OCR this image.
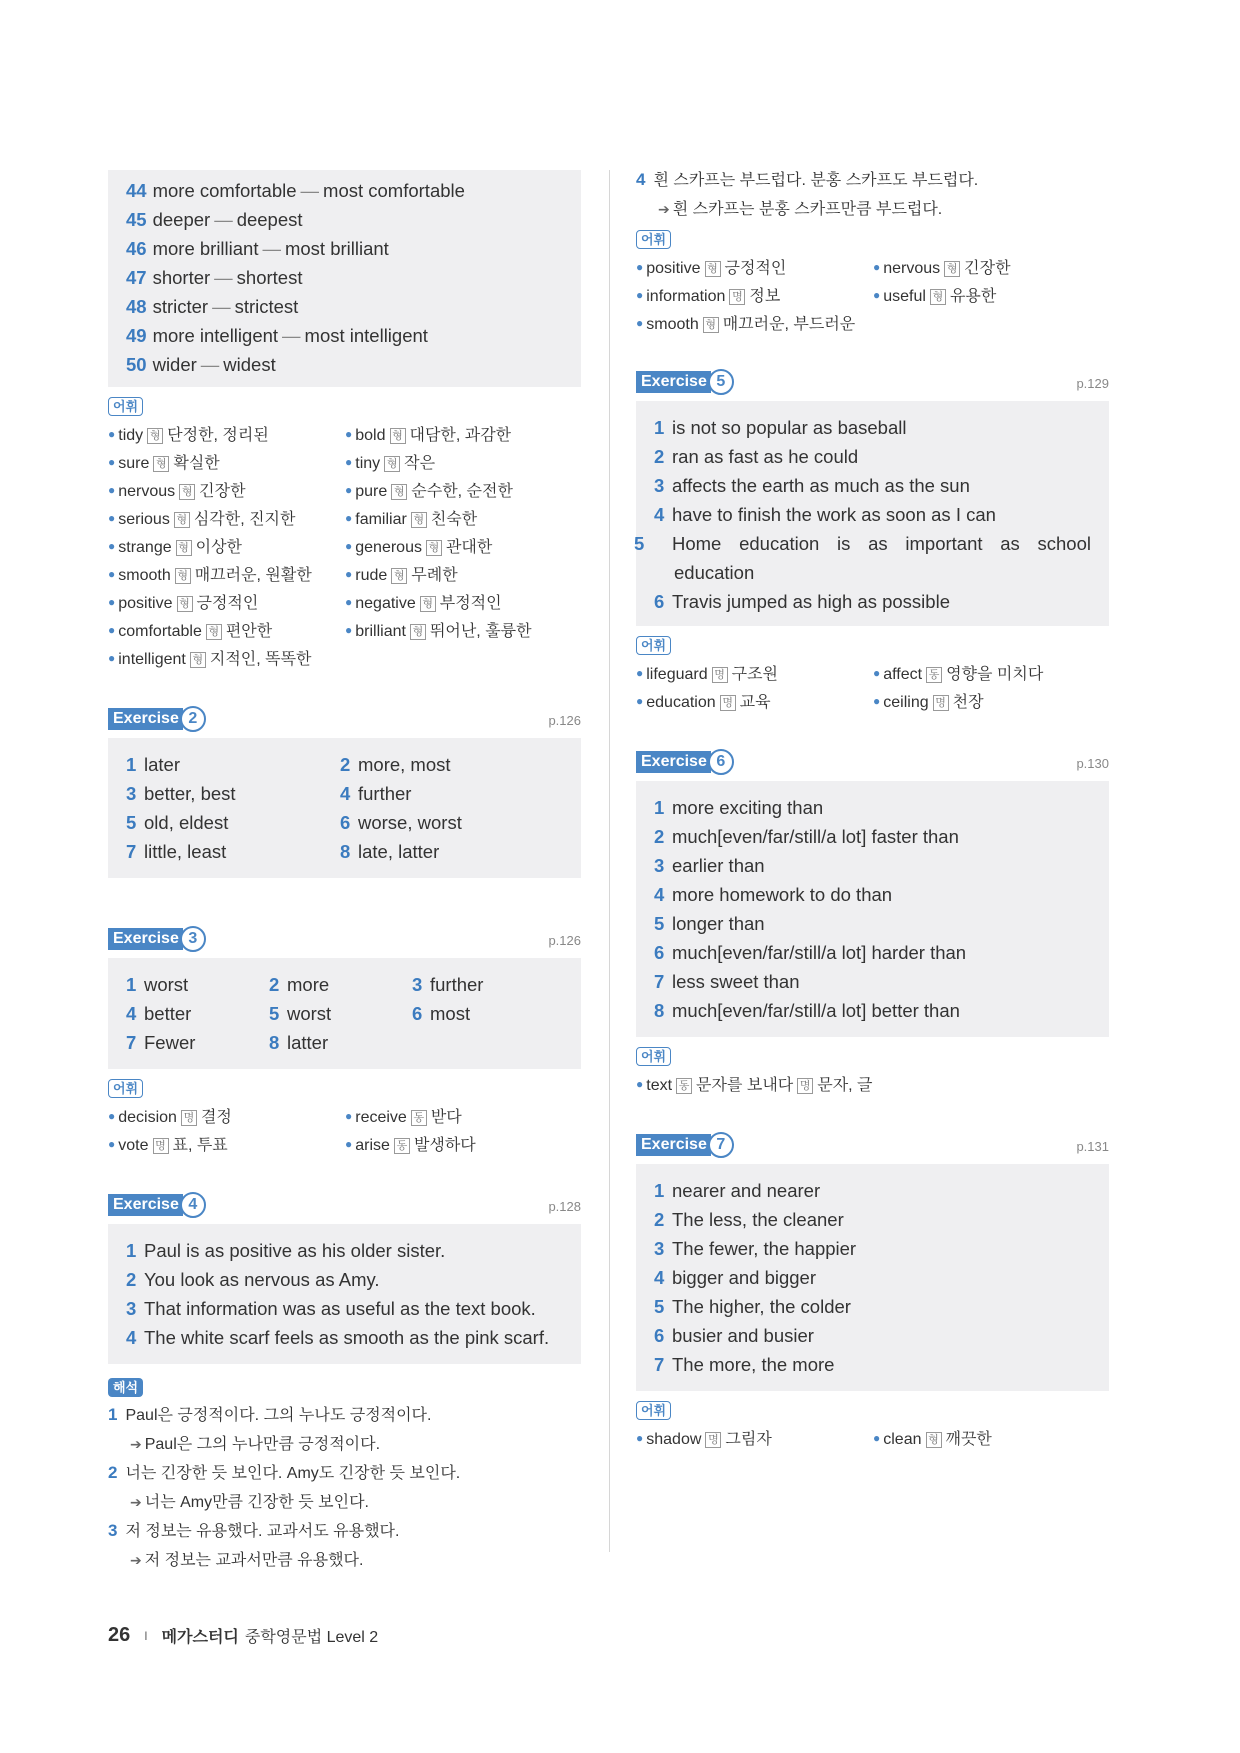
44 more comfortable — most comfortable
45 deeper — deepest
46 more brilliant — most brilliant
47 shorter — shortest
48 stricter — strictest
49 more intelligent — most intelligent
50 wider — widest
어휘
● tidy 형 단정한, 정리된	● bold 형 대담한, 과감한
● sure 형 확실한	● tiny 형 작은
● nervous 형 긴장한	● pure 형 순수한, 순전한
● serious 형 심각한, 진지한	● familiar 형 친숙한
● strange 형 이상한	● generous 형 관대한
● smooth 형 매끄러운, 원활한	● rude 형 무례한
● positive 형 긍정적인	● negative 형 부정적인
● comfortable 형 편안한	● brilliant 형 뛰어난, 훌륭한
● intelligent 형 지적인, 똑똑한
Exercise 2	p.126
1 later	2 more, most
3 better, best	4 further
5 old, eldest	6 worse, worst
7 little, least	8 late, latter
Exercise 3	p.126
1 worst	2 more	3 further
4 better	5 worst	6 most
7 Fewer	8 latter
어휘
● decision 명 결정	● receive 동 받다
● vote 명 표, 투표	● arise 동 발생하다
Exercise 4	p.128
1 Paul is as positive as his older sister.
2 You look as nervous as Amy.
3 That information was as useful as the text book.
4 The white scarf feels as smooth as the pink scarf.
해석
1 Paul은 긍정적이다. 그의 누나도 긍정적이다.
➔ Paul은 그의 누나만큼 긍정적이다.
2 너는 긴장한 듯 보인다. Amy도 긴장한 듯 보인다.
➔ 너는 Amy만큼 긴장한 듯 보인다.
3 저 정보는 유용했다. 교과서도 유용했다.
➔ 저 정보는 교과서만큼 유용했다.
4 흰 스카프는 부드럽다. 분홍 스카프도 부드럽다.
➔ 흰 스카프는 분홍 스카프만큼 부드럽다.
어휘
● positive 형 긍정적인	● nervous 형 긴장한
● information 명 정보	● useful 형 유용한
● smooth 형 매끄러운, 부드러운
Exercise 5	p.129
1 is not so popular as baseball
2 ran as fast as he could
3 affects the earth as much as the sun
4 have to finish the work as soon as I can
5 Home education is as important as school education
6 Travis jumped as high as possible
어휘
● lifeguard 명 구조원	● affect 동 영향을 미치다
● education 명 교육	● ceiling 명 천장
Exercise 6	p.130
1 more exciting than
2 much[even/far/still/a lot] faster than
3 earlier than
4 more homework to do than
5 longer than
6 much[even/far/still/a lot] harder than
7 less sweet than
8 much[even/far/still/a lot] better than
어휘
● text 동 문자를 보내다 명 문자, 글
Exercise 7	p.131
1 nearer and nearer
2 The less, the cleaner
3 The fewer, the happier
4 bigger and bigger
5 The higher, the colder
6 busier and busier
7 The more, the more
어휘
● shadow 명 그림자	● clean 형 깨끗한
26 I 메가스터디 중학영문법 Level 2
